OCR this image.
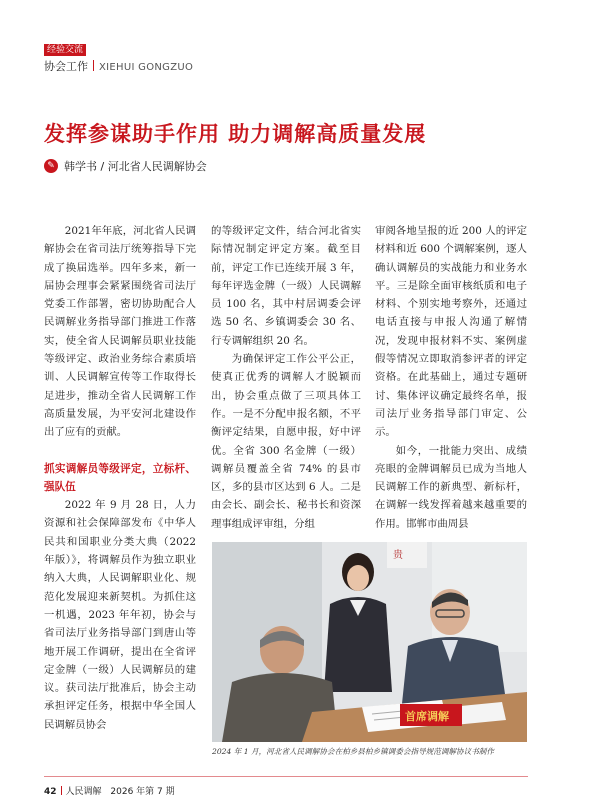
经验交流
协会工作 XIEHUI GONGZUO
发挥参谋助手作用 助力调解高质量发展
✎ 韩学书 / 河北省人民调解协会

2021年年底，河北省人民调解协会在省司法厅统筹指导下完成了换届选举。四年多来，新一届协会理事会紧紧围绕省司法厅党委工作部署，密切协助配合人民调解业务指导部门推进工作落实，使全省人民调解员职业技能等级评定、政治业务综合素质培训、人民调解宣传等工作取得长足进步，推动全省人民调解工作高质量发展，为平安河北建设作出了应有的贡献。

抓实调解员等级评定，立标杆、强队伍

2022 年 9 月 28 日，人力资源和社会保障部发布《中华人民共和国职业分类大典（2022 年版）》，将调解员作为独立职业纳入大典，人民调解职业化、规范化发展迎来新契机。为抓住这一机遇，2023 年年初，协会与省司法厅业务指导部门到唐山等地开展工作调研，提出在全省评定金牌（一级）人民调解员的建议。获司法厅批准后，协会主动承担评定任务，根据中华全国人民调解员协会

的等级评定文件，结合河北省实际情况制定评定方案。截至目前，评定工作已连续开展 3 年，每年评选金牌（一级）人民调解员 100 名，其中村居调委会评选 50 名、乡镇调委会 30 名、行专调解组织 20 名。

为确保评定工作公平公正，使真正优秀的调解人才脱颖而出，协会重点做了三项具体工作。一是不分配申报名额，不平衡评定结果，自愿申报，好中评优。全省 300 名金牌（一级）调解员覆盖全省 74% 的县市区，多的县市区达到 6 人。二是由会长、副会长、秘书长和资深理事组成评审组，分组

审阅各地呈报的近 200 人的评定材料和近 600 个调解案例，逐人确认调解员的实战能力和业务水平。三是除全面审核纸质和电子材料、个别实地考察外，还通过电话直接与申报人沟通了解情况，发现申报材料不实、案例虚假等情况立即取消参评者的评定资格。在此基础上，通过专题研讨、集体评议确定最终名单，报司法厅业务指导部门审定、公示。

如今，一批能力突出、成绩亮眼的金牌调解员已成为当地人民调解工作的新典型、新标杆，在调解一线发挥着越来越重要的作用。邯郸市曲周县

贵
首席调解
2024 年 1 月，河北省人民调解协会在柏乡县柏乡镇调委会指导规范调解协议书制作
42 人民调解 2026 年第 7 期
